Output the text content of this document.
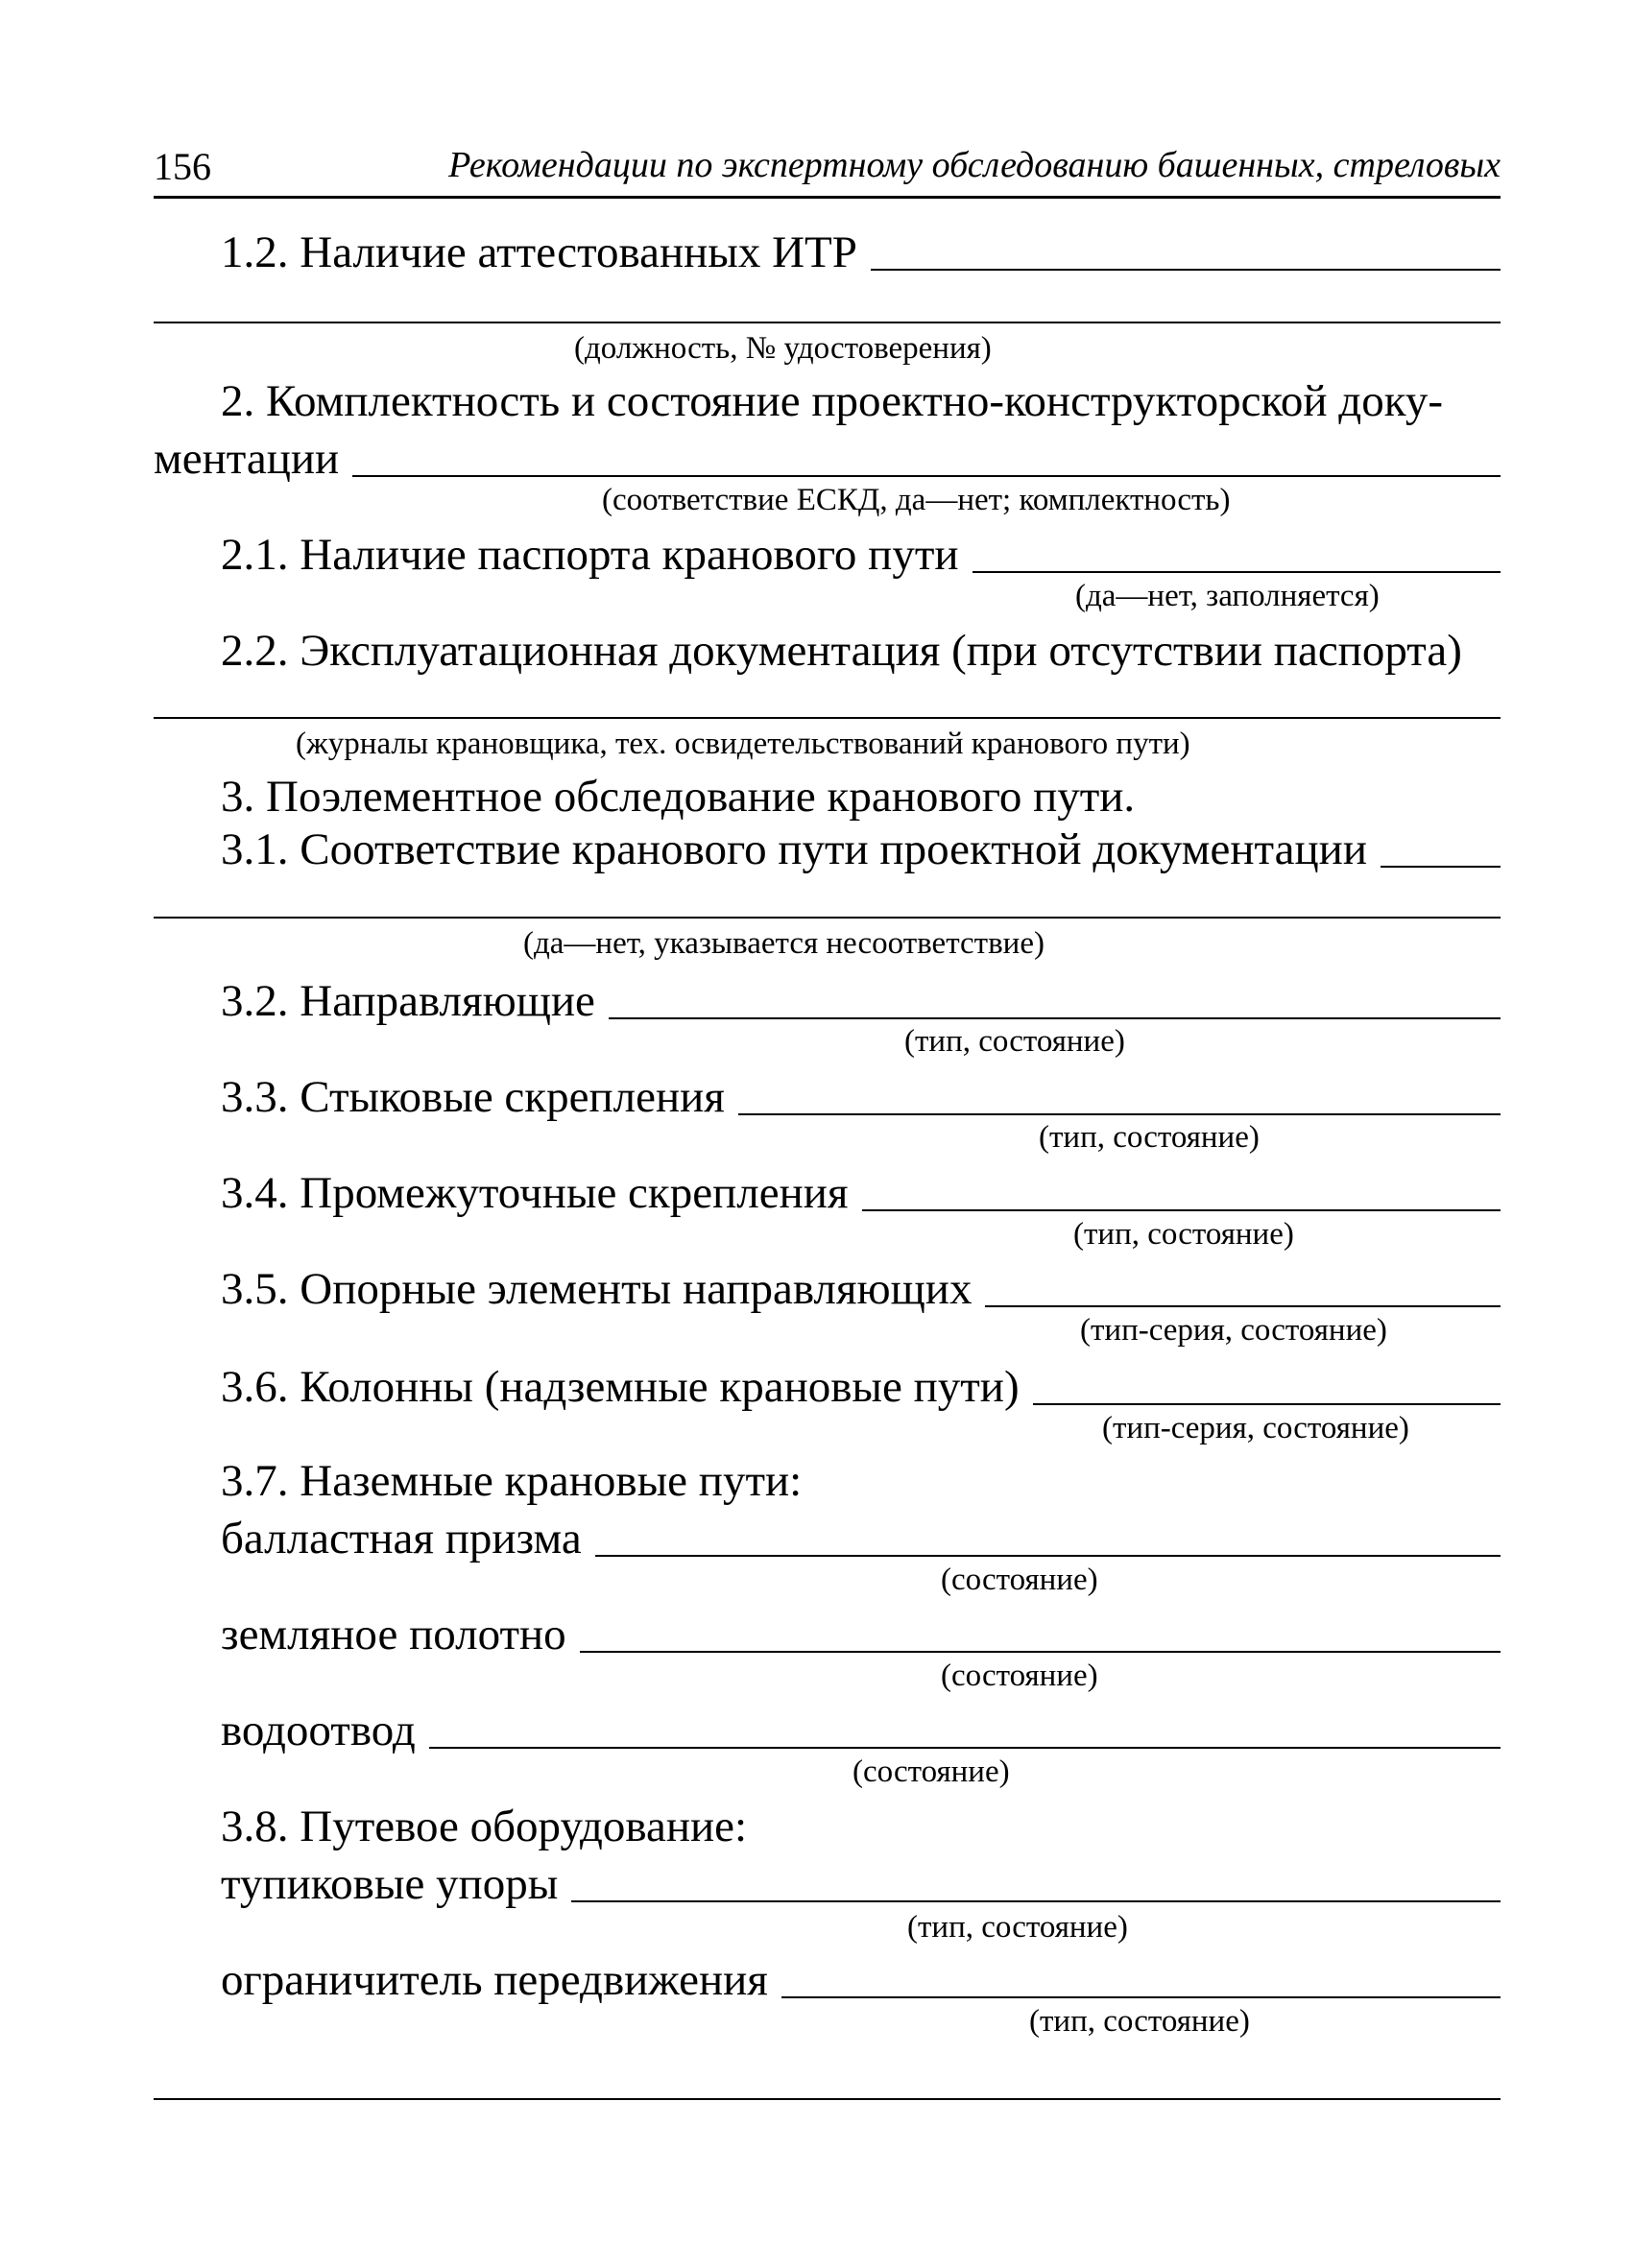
156	Рекомендации по экспертному обследованию башенных, стреловых
1.2. Наличие аттестованных ИТР
(должность, № удостоверения)
2. Комплектность и состояние проектно-конструкторской доку-
ментации
(соответствие ЕСКД, да—нет; комплектность)
2.1. Наличие паспорта кранового пути
(да—нет, заполняется)
2.2. Эксплуатационная документация (при отсутствии паспорта)
(журналы крановщика, тех. освидетельствований кранового пути)
3. Поэлементное обследование кранового пути.
3.1. Соответствие кранового пути проектной документации
(да—нет, указывается несоответствие)
3.2. Направляющие
(тип, состояние)
3.3. Стыковые скрепления
(тип, состояние)
3.4. Промежуточные скрепления
(тип, состояние)
3.5. Опорные элементы направляющих
(тип-серия, состояние)
3.6. Колонны (надземные крановые пути)
(тип-серия, состояние)
3.7. Наземные крановые пути:
балластная призма
(состояние)
земляное полотно
(состояние)
водоотвод
(состояние)
3.8. Путевое оборудование:
тупиковые упоры
(тип, состояние)
ограничитель передвижения
(тип, состояние)
